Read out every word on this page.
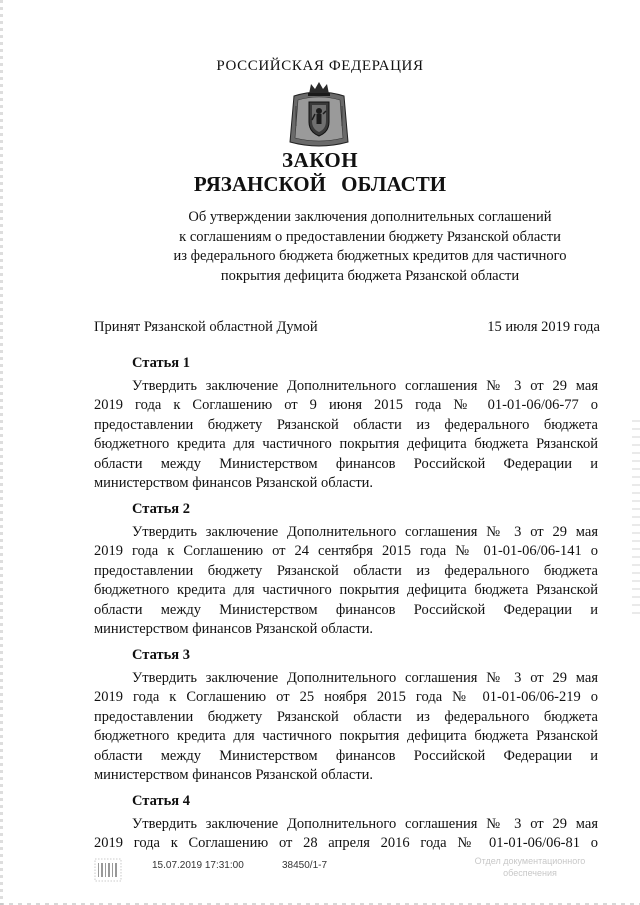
РОССИЙСКАЯ ФЕДЕРАЦИЯ
ЗАКОН
РЯЗАНСКОЙ ОБЛАСТИ
Об утверждении заключения дополнительных соглашений
к соглашениям о предоставлении бюджету Рязанской области
из федерального бюджета бюджетных кредитов для частичного
покрытия дефицита бюджета Рязанской области
Принят Рязанской областной Думой	15 июля 2019 года
Статья 1
Утвердить заключение Дополнительного соглашения № 3 от 29 мая
2019 года к Соглашению от 9 июня 2015 года № 01-01-06/06-77 о
предоставлении бюджету Рязанской области из федерального бюджета
бюджетного кредита для частичного покрытия дефицита бюджета Рязанской
области между Министерством финансов Российской Федерации и
министерством финансов Рязанской области.
Статья 2
Утвердить заключение Дополнительного соглашения № 3 от 29 мая
2019 года к Соглашению от 24 сентября 2015 года № 01-01-06/06-141 о
предоставлении бюджету Рязанской области из федерального бюджета
бюджетного кредита для частичного покрытия дефицита бюджета Рязанской
области между Министерством финансов Российской Федерации и
министерством финансов Рязанской области.
Статья 3
Утвердить заключение Дополнительного соглашения № 3 от 29 мая
2019 года к Соглашению от 25 ноября 2015 года № 01-01-06/06-219 о
предоставлении бюджету Рязанской области из федерального бюджета
бюджетного кредита для частичного покрытия дефицита бюджета Рязанской
области между Министерством финансов Российской Федерации и
министерством финансов Рязанской области.
Статья 4
Утвердить заключение Дополнительного соглашения № 3 от 29 мая
2019 года к Соглашению от 28 апреля 2016 года № 01-01-06/06-81 о
15.07.2019 17:31:00	38450/1-7	Отдел документационного
обеспечения
